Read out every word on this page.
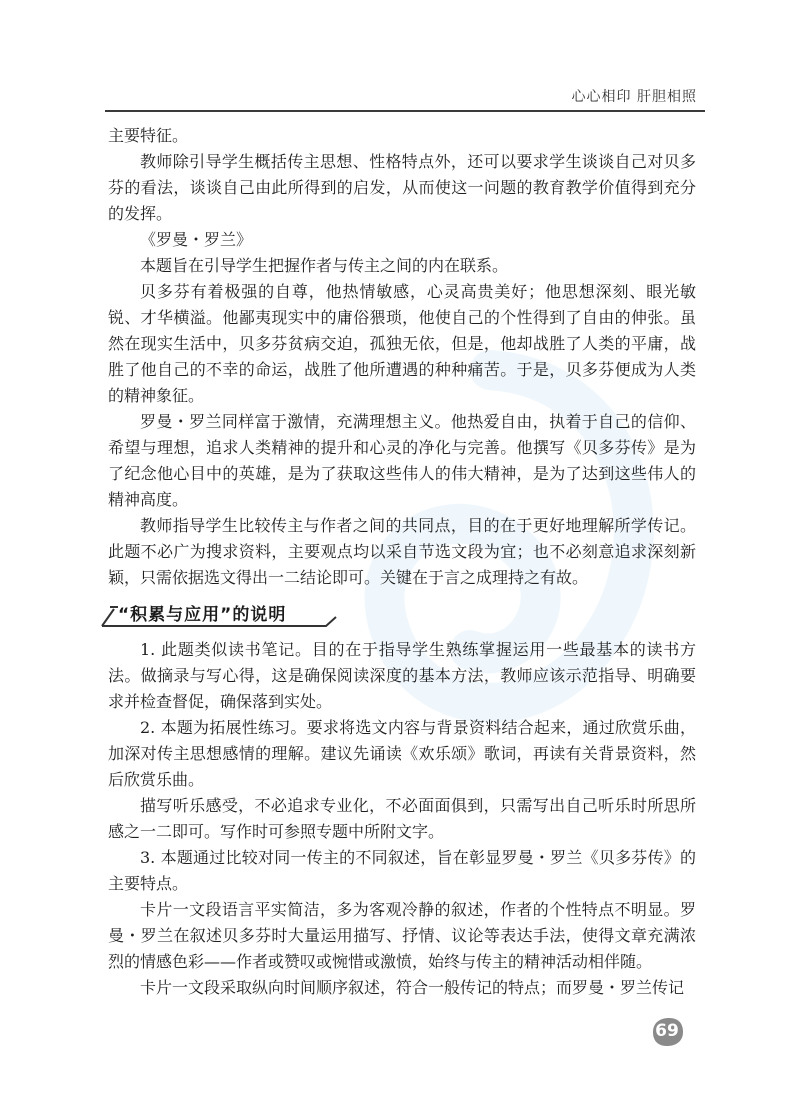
心心相印 肝胆相照

主要特征。

教师除引导学生概括传主思想、性格特点外，还可以要求学生谈谈自己对贝多芬的看法，谈谈自己由此所得到的启发，从而使这一问题的教育教学价值得到充分的发挥。

《罗曼・罗兰》

本题旨在引导学生把握作者与传主之间的内在联系。

贝多芬有着极强的自尊，他热情敏感，心灵高贵美好；他思想深刻、眼光敏锐、才华横溢。他鄙夷现实中的庸俗猥琐，他使自己的个性得到了自由的伸张。虽然在现实生活中，贝多芬贫病交迫，孤独无依，但是，他却战胜了人类的平庸，战胜了他自己的不幸的命运，战胜了他所遭遇的种种痛苦。于是，贝多芬便成为人类的精神象征。

罗曼・罗兰同样富于激情，充满理想主义。他热爱自由，执着于自己的信仰、希望与理想，追求人类精神的提升和心灵的净化与完善。他撰写《贝多芬传》是为了纪念他心目中的英雄，是为了获取这些伟人的伟大精神，是为了达到这些伟人的精神高度。

教师指导学生比较传主与作者之间的共同点，目的在于更好地理解所学传记。此题不必广为搜求资料，主要观点均以采自节选文段为宜；也不必刻意追求深刻新颖，只需依据选文得出一二结论即可。关键在于言之成理持之有故。

“积累与应用”的说明

1. 此题类似读书笔记。目的在于指导学生熟练掌握运用一些最基本的读书方法。做摘录与写心得，这是确保阅读深度的基本方法，教师应该示范指导、明确要求并检查督促，确保落到实处。

2. 本题为拓展性练习。要求将选文内容与背景资料结合起来，通过欣赏乐曲，加深对传主思想感情的理解。建议先诵读《欢乐颂》歌词，再读有关背景资料，然后欣赏乐曲。

描写听乐感受，不必追求专业化，不必面面俱到，只需写出自己听乐时所思所感之一二即可。写作时可参照专题中所附文字。

3. 本题通过比较对同一传主的不同叙述，旨在彰显罗曼・罗兰《贝多芬传》的主要特点。

卡片一文段语言平实简洁，多为客观冷静的叙述，作者的个性特点不明显。罗曼・罗兰在叙述贝多芬时大量运用描写、抒情、议论等表达手法，使得文章充满浓烈的情感色彩——作者或赞叹或惋惜或激愤，始终与传主的精神活动相伴随。

卡片一文段采取纵向时间顺序叙述，符合一般传记的特点；而罗曼・罗兰传记

69
